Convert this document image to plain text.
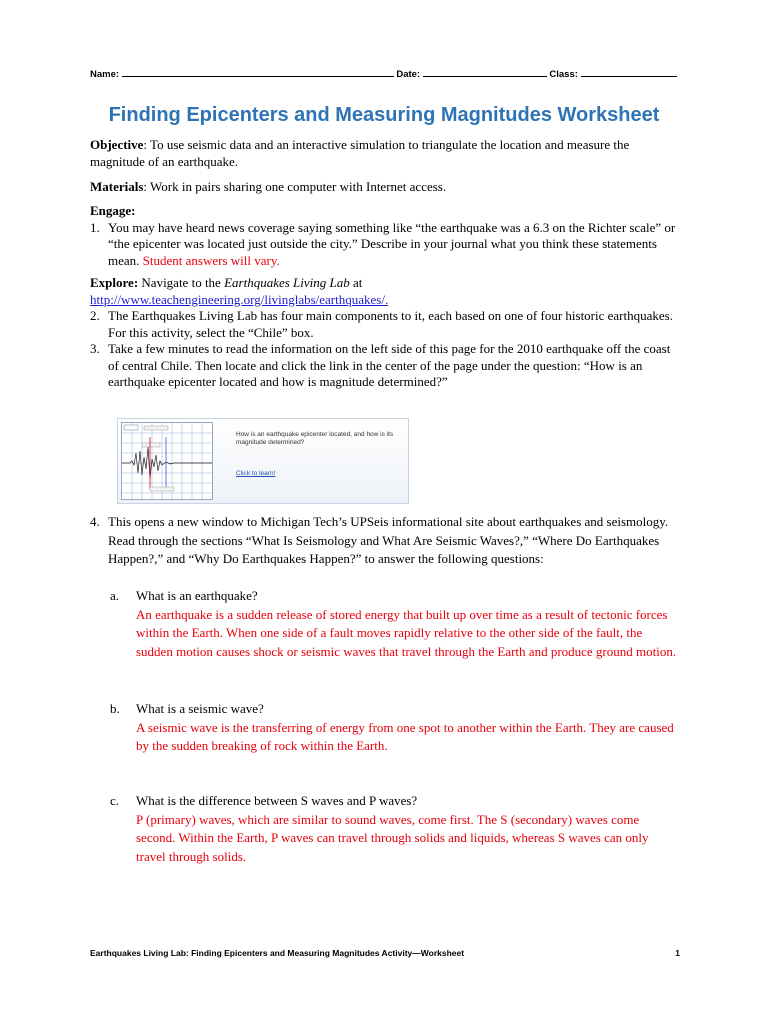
Name:	Date:	Class:
Finding Epicenters and Measuring Magnitudes Worksheet
Objective: To use seismic data and an interactive simulation to triangulate the location and measure the magnitude of an earthquake.
Materials: Work in pairs sharing one computer with Internet access.
Engage:
1. You may have heard news coverage saying something like “the earthquake was a 6.3 on the Richter scale” or “the epicenter was located just outside the city.” Describe in your journal what you think these statements mean. Student answers will vary.
Explore: Navigate to the Earthquakes Living Lab at
http://www.teachengineering.org/livinglabs/earthquakes/.
2. The Earthquakes Living Lab has four main components to it, each based on one of four historic earthquakes. For this activity, select the “Chile” box.
3. Take a few minutes to read the information on the left side of this page for the 2010 earthquake off the coast of central Chile. Then locate and click the link in the center of the page under the question: “How is an earthquake epicenter located and how is magnitude determined?”
How is an earthquake epicenter located, and how is its magnitude determined?
Click to learn!
4. This opens a new window to Michigan Tech’s UPSeis informational site about earthquakes and seismology. Read through the sections “What Is Seismology and What Are Seismic Waves?,” “Where Do Earthquakes Happen?,” and “Why Do Earthquakes Happen?” to answer the following questions:
a.	What is an earthquake?
An earthquake is a sudden release of stored energy that built up over time as a result of tectonic forces within the Earth. When one side of a fault moves rapidly relative to the other side of the fault, the sudden motion causes shock or seismic waves that travel through the Earth and produce ground motion.
b.	What is a seismic wave?
A seismic wave is the transferring of energy from one spot to another within the Earth. They are caused by the sudden breaking of rock within the Earth.
c.	What is the difference between S waves and P waves?
P (primary) waves, which are similar to sound waves, come first. The S (secondary) waves come second. Within the Earth, P waves can travel through solids and liquids, whereas S waves can only travel through solids.
Earthquakes Living Lab: Finding Epicenters and Measuring Magnitudes Activity—Worksheet	1
